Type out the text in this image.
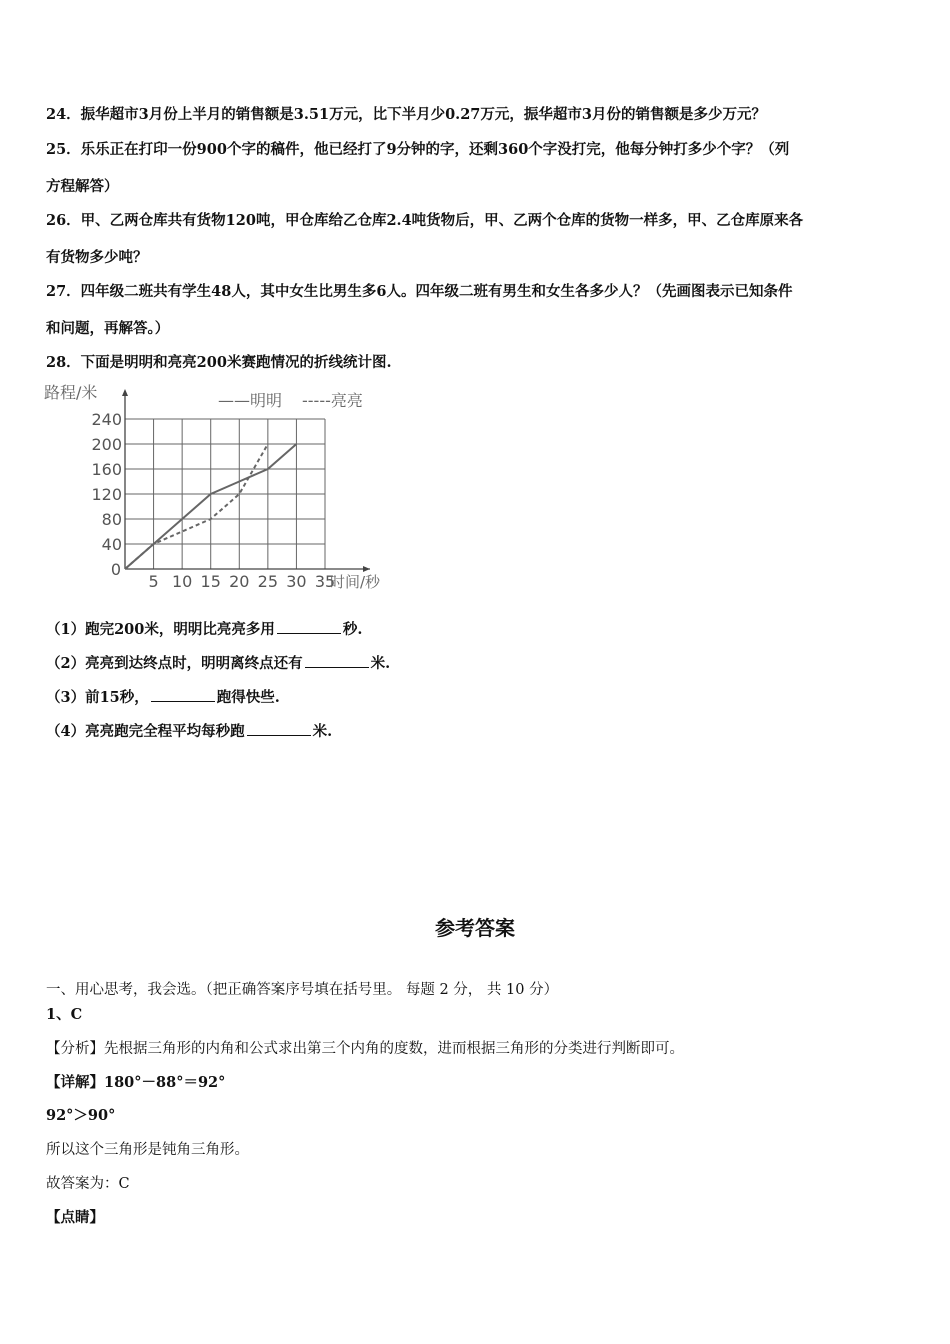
24．振华超市3月份上半月的销售额是3.51万元，比下半月少0.27万元，振华超市3月份的销售额是多少万元？
25．乐乐正在打印一份900个字的稿件，他已经打了9分钟的字，还剩360个字没打完，他每分钟打多少个字？（列
方程解答）
26．甲、乙两仓库共有货物120吨，甲仓库给乙仓库2.4吨货物后，甲、乙两个仓库的货物一样多，甲、乙仓库原来各
有货物多少吨？
27．四年级二班共有学生48人，其中女生比男生多6人。四年级二班有男生和女生各多少人？（先画图表示已知条件
和问题，再解答。）
28．下面是明明和亮亮200米赛跑情况的折线统计图.
40
80
120
160
200
240
0
5 10 15 20 25 30 35
路程/米
时间/秒
——明明 -----亮亮
（1）跑完200米，明明比亮亮多用	秒.
（2）亮亮到达终点时，明明离终点还有	米.
（3）前15秒，	跑得快些.
（4）亮亮跑完全程平均每秒跑	米.
参考答案
一、用心思考，我会选。（把正确答案序号填在括号里。 每题 2 分， 共 10 分）
1、C
【分析】先根据三角形的内角和公式求出第三个内角的度数，进而根据三角形的分类进行判断即可。
【详解】180°－88°＝92°
92°＞90°
所以这个三角形是钝角三角形。
故答案为：C
【点睛】
